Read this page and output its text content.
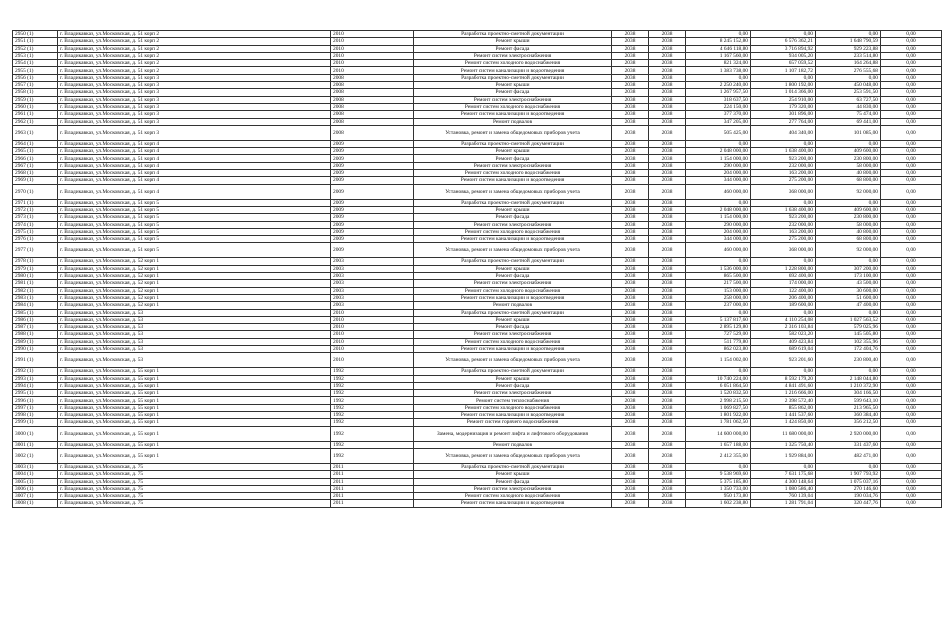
2950 (1)	г. Владикавказ, ул.Московская, д. 51 корп 2	2010	Разработка проектно-сметной документации	2038	2038	0,00	0,00	0,00	0,00
2951 (1)	г. Владикавказ, ул.Московская, д. 51 корп 2	2010	Ремонт крыши	2038	2038	8 245 152,80	6 576 362,21	1 648 790,59	0,00
2952 (1)	г. Владикавказ, ул.Московская, д. 51 корп 2	2010	Ремонт фасада	2038	2038	4 646 118,80	3 716 894,92	929 223,88	0,00
2953 (1)	г. Владикавказ, ул.Московская, д. 51 корп 2	2010	Ремонт систем электроснабжения	2038	2038	1 167 560,00	934 005,20	233 514,80	0,00
2954 (1)	г. Владикавказ, ул.Московская, д. 51 корп 2	2010	Ремонт систем холодного водоснабжения	2038	2038	821 324,00	657 059,52	164 264,88	0,00
2955 (1)	г. Владикавказ, ул.Московская, д. 51 корп 2	2010	Ремонт систем канализации и водоотведения	2038	2038	1 383 738,00	1 107 182,72	276 555,68	0,00
2956 (1)	г. Владикавказ, ул.Московская, д. 51 корп 3	2008	Разработка проектно-сметной документации	2038	2038	0,00	0,00	0,00	0,00
2957 (1)	г. Владикавказ, ул.Московская, д. 51 корп 3	2008	Ремонт крыши	2038	2038	2 250 240,00	1 800 192,00	450 048,00	0,00
2958 (1)	г. Владикавказ, ул.Московская, д. 51 корп 3	2008	Ремонт фасада	2038	2038	1 267 957,50	1 014 366,00	253 591,50	0,00
2959 (1)	г. Владикавказ, ул.Московская, д. 51 корп 3	2008	Ремонт систем электроснабжения	2038	2038	318 637,50	254 910,00	63 727,50	0,00
2960 (1)	г. Владикавказ, ул.Московская, д. 51 корп 3	2008	Ремонт систем холодного водоснабжения	2038	2038	224 150,00	179 320,00	44 830,00	0,00
2961 (1)	г. Владикавказ, ул.Московская, д. 51 корп 3	2008	Ремонт систем канализации и водоотведения	2038	2038	377 370,00	301 896,00	75 474,00	0,00
2962 (1)	г. Владикавказ, ул.Московская, д. 51 корп 3	2008	Ремонт подвалов	2038	2038	347 205,00	277 764,00	69 441,00	0,00
2963 (1)	г. Владикавказ, ул.Московская, д. 51 корп 3	2008	Установка, ремонт и замена общедомовых приборов учета	2038	2038	505 425,00	404 340,00	101 085,00	0,00
2964 (1)	г. Владикавказ, ул.Московская, д. 51 корп 4	2009	Разработка проектно-сметной документации	2038	2038	0,00	0,00	0,00	0,00
2965 (1)	г. Владикавказ, ул.Московская, д. 51 корп 4	2009	Ремонт крыши	2038	2038	2 048 000,00	1 638 400,00	409 600,00	0,00
2966 (1)	г. Владикавказ, ул.Московская, д. 51 корп 4	2009	Ремонт фасада	2038	2038	1 154 000,00	923 200,00	230 800,00	0,00
2967 (1)	г. Владикавказ, ул.Московская, д. 51 корп 4	2009	Ремонт систем электроснабжения	2038	2038	290 000,00	232 000,00	58 000,00	0,00
2968 (1)	г. Владикавказ, ул.Московская, д. 51 корп 4	2009	Ремонт систем холодного водоснабжения	2038	2038	204 000,00	163 200,00	40 800,00	0,00
2969 (1)	г. Владикавказ, ул.Московская, д. 51 корп 4	2009	Ремонт систем канализации и водоотведения	2038	2038	344 000,00	275 200,00	68 800,00	0,00
2970 (1)	г. Владикавказ, ул.Московская, д. 51 корп 4	2009	Установка, ремонт и замена общедомовых приборов учета	2038	2038	460 000,00	368 000,00	92 000,00	0,00
2971 (1)	г. Владикавказ, ул.Московская, д. 51 корп 5	2009	Разработка проектно-сметной документации	2038	2038	0,00	0,00	0,00	0,00
2972 (1)	г. Владикавказ, ул.Московская, д. 51 корп 5	2009	Ремонт крыши	2038	2038	2 048 000,00	1 638 400,00	409 600,00	0,00
2973 (1)	г. Владикавказ, ул.Московская, д. 51 корп 5	2009	Ремонт фасада	2038	2038	1 154 000,00	923 200,00	230 800,00	0,00
2974 (1)	г. Владикавказ, ул.Московская, д. 51 корп 5	2009	Ремонт систем электроснабжения	2038	2038	290 000,00	232 000,00	58 000,00	0,00
2975 (1)	г. Владикавказ, ул.Московская, д. 51 корп 5	2009	Ремонт систем холодного водоснабжения	2038	2038	204 000,00	163 200,00	40 800,00	0,00
2976 (1)	г. Владикавказ, ул.Московская, д. 51 корп 5	2009	Ремонт систем канализации и водоотведения	2038	2038	344 000,00	275 200,00	68 800,00	0,00
2977 (1)	г. Владикавказ, ул.Московская, д. 51 корп 5	2009	Установка, ремонт и замена общедомовых приборов учета	2038	2038	460 000,00	368 000,00	92 000,00	0,00
2978 (1)	г. Владикавказ, ул.Московская, д. 52 корп 1	2003	Разработка проектно-сметной документации	2038	2038	0,00	0,00	0,00	0,00
2979 (1)	г. Владикавказ, ул.Московская, д. 52 корп 1	2003	Ремонт крыши	2038	2038	1 536 000,00	1 228 800,00	307 200,00	0,00
2980 (1)	г. Владикавказ, ул.Московская, д. 52 корп 1	2003	Ремонт фасада	2038	2038	865 500,00	692 400,00	173 100,00	0,00
2981 (1)	г. Владикавказ, ул.Московская, д. 52 корп 1	2003	Ремонт систем электроснабжения	2038	2038	217 500,00	174 000,00	43 500,00	0,00
2982 (1)	г. Владикавказ, ул.Московская, д. 52 корп 1	2003	Ремонт систем холодного водоснабжения	2038	2038	153 000,00	122 400,00	30 600,00	0,00
2983 (1)	г. Владикавказ, ул.Московская, д. 52 корп 1	2003	Ремонт систем канализации и водоотведения	2038	2038	258 000,00	206 400,00	51 600,00	0,00
2984 (1)	г. Владикавказ, ул.Московская, д. 52 корп 1	2003	Ремонт подвалов	2038	2038	237 000,00	189 600,00	47 400,00	0,00
2985 (1)	г. Владикавказ, ул.Московская, д. 53	2010	Разработка проектно-сметной документации	2038	2038	0,00	0,00	0,00	0,00
2986 (1)	г. Владикавказ, ул.Московская, д. 53	2010	Ремонт крыши	2038	2038	5 137 817,60	4 110 254,08	1 027 563,52	0,00
2987 (1)	г. Владикавказ, ул.Московская, д. 53	2010	Ремонт фасада	2038	2038	2 895 129,80	2 316 103,84	579 025,96	0,00
2988 (1)	г. Владикавказ, ул.Московская, д. 53	2010	Ремонт систем электроснабжения	2038	2038	727 529,00	582 023,20	145 505,80	0,00
2989 (1)	г. Владикавказ, ул.Московская, д. 53	2010	Ремонт систем холодного водоснабжения	2038	2038	511 779,80	409 423,84	102 355,96	0,00
2990 (1)	г. Владикавказ, ул.Московская, д. 53	2010	Ремонт систем канализации и водоотведения	2038	2038	862 023,80	689 619,04	172 404,76	0,00
2991 (1)	г. Владикавказ, ул.Московская, д. 53	2010	Установка, ремонт и замена общедомовых приборов учета	2038	2038	1 154 002,00	923 201,60	230 800,40	0,00
2992 (1)	г. Владикавказ, ул.Московская, д. 55 корп 1	1992	Разработка проектно-сметной документации	2038	2038	0,00	0,00	0,00	0,00
2993 (1)	г. Владикавказ, ул.Московская, д. 55 корп 1	1992	Ремонт крыши	2038	2038	10 740 224,00	8 592 179,20	2 148 044,80	0,00
2994 (1)	г. Владикавказ, ул.Московская, д. 55 корп 1	1992	Ремонт фасада	2038	2038	6 051 864,50	4 841 491,60	1 210 372,90	0,00
2995 (1)	г. Владикавказ, ул.Московская, д. 55 корп 1	1992	Ремонт систем электроснабжения	2038	2038	1 520 832,50	1 216 666,00	304 166,50	0,00
2996 (1)	г. Владикавказ, ул.Московская, д. 55 корп 1	1992	Ремонт систем теплоснабжения	2038	2038	2 998 215,50	2 398 572,40	599 643,10	0,00
2997 (1)	г. Владикавказ, ул.Московская, д. 55 корп 1	1992	Ремонт систем холодного водоснабжения	2038	2038	1 069 827,50	855 862,00	213 965,50	0,00
2998 (1)	г. Владикавказ, ул.Московская, д. 55 корп 1	1992	Ремонт систем канализации и водоотведения	2038	2038	1 801 922,00	1 441 537,60	360 384,40	0,00
2999 (1)	г. Владикавказ, ул.Московская, д. 55 корп 1	1992	Ремонт систем горячего водоснабжения	2038	2038	1 781 062,50	1 424 850,00	356 212,50	0,00
3000 (1)	г. Владикавказ, ул.Московская, д. 55 корп 1	1992	Замена, модернизация и ремонт лифта и лифтового оборудования	2038	2038	14 600 000,00	11 680 000,00	2 920 000,00	0,00
3001 (1)	г. Владикавказ, ул.Московская, д. 55 корп 1	1992	Ремонт подвалов	2038	2038	1 657 188,00	1 325 750,40	331 437,60	0,00
3002 (1)	г. Владикавказ, ул.Московская, д. 55 корп 1	1992	Установка, ремонт и замена общедомовых приборов учета	2038	2038	2 412 355,00	1 929 884,00	482 471,00	0,00
3003 (1)	г. Владикавказ, ул.Московская, д. 75	2011	Разработка проектно-сметной документации	2038	2038	0,00	0,00	0,00	0,00
3004 (1)	г. Владикавказ, ул.Московская, д. 75	2011	Ремонт крыши	2038	2038	9 538 969,60	7 631 175,68	1 907 793,92	0,00
3005 (1)	г. Владикавказ, ул.Московская, д. 75	2011	Ремонт фасада	2038	2038	5 375 185,80	4 300 148,64	1 075 037,16	0,00
3006 (1)	г. Владикавказ, ул.Московская, д. 75	2011	Ремонт систем электроснабжения	2038	2038	1 350 733,00	1 080 586,40	270 146,60	0,00
3007 (1)	г. Владикавказ, ул.Московская, д. 75	2011	Ремонт систем холодного водоснабжения	2038	2038	950 173,80	760 139,04	190 034,76	0,00
3008 (1)	г. Владикавказ, ул.Московская, д. 75	2011	Ремонт систем канализации и водоотведения	2038	2038	1 602 238,80	1 281 791,04	320 447,76	0,00
